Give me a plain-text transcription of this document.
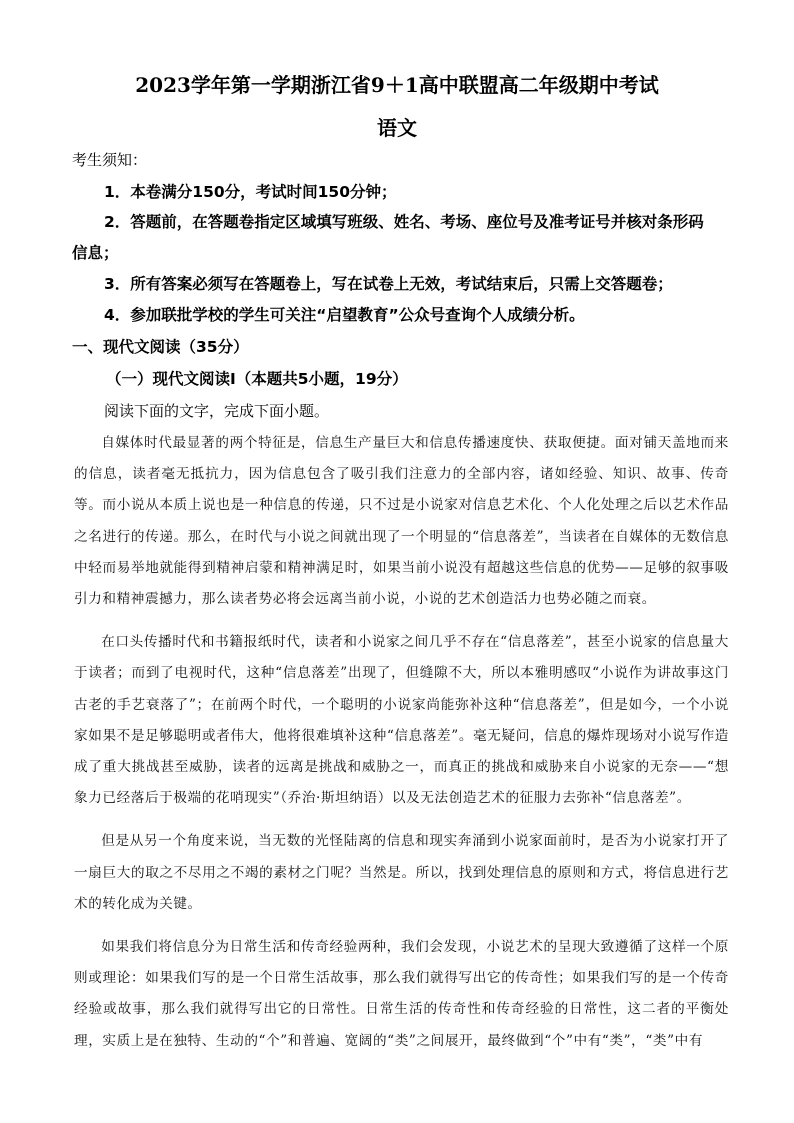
2023学年第一学期浙江省9＋1高中联盟高二年级期中考试
语文
考生须知：
1．本卷满分150分，考试时间150分钟；
2．答题前，在答题卷指定区域填写班级、姓名、考场、座位号及准考证号并核对条形码
信息；
3．所有答案必须写在答题卷上，写在试卷上无效，考试结束后，只需上交答题卷；
4．参加联批学校的学生可关注“启望教育”公众号查询个人成绩分析。
一、现代文阅读（35分）
（一）现代文阅读Ⅰ（本题共5小题，19分）
阅读下面的文字，完成下面小题。

自媒体时代最显著的两个特征是，信息生产量巨大和信息传播速度快、获取便捷。面对铺天盖地而来的信息，读者毫无抵抗力，因为信息包含了吸引我们注意力的全部内容，诸如经验、知识、故事、传奇等。而小说从本质上说也是一种信息的传递，只不过是小说家对信息艺术化、个人化处理之后以艺术作品之名进行的传递。那么，在时代与小说之间就出现了一个明显的“信息落差”，当读者在自媒体的无数信息中轻而易举地就能得到精神启蒙和精神满足时，如果当前小说没有超越这些信息的优势——足够的叙事吸引力和精神震撼力，那么读者势必将会远离当前小说，小说的艺术创造活力也势必随之而衰。

在口头传播时代和书籍报纸时代，读者和小说家之间几乎不存在“信息落差”，甚至小说家的信息量大于读者；而到了电视时代，这种“信息落差”出现了，但缝隙不大，所以本雅明感叹“小说作为讲故事这门古老的手艺衰落了”；在前两个时代，一个聪明的小说家尚能弥补这种“信息落差”，但是如今，一个小说家如果不是足够聪明或者伟大，他将很难填补这种“信息落差”。毫无疑问，信息的爆炸现场对小说写作造成了重大挑战甚至威胁，读者的远离是挑战和威胁之一，而真正的挑战和威胁来自小说家的无奈——“想象力已经落后于极端的花哨现实”（乔治·斯坦纳语）以及无法创造艺术的征服力去弥补“信息落差”。

但是从另一个角度来说，当无数的光怪陆离的信息和现实奔涌到小说家面前时，是否为小说家打开了一扇巨大的取之不尽用之不竭的素材之门呢？当然是。所以，找到处理信息的原则和方式，将信息进行艺术的转化成为关键。

如果我们将信息分为日常生活和传奇经验两种，我们会发现，小说艺术的呈现大致遵循了这样一个原则或理论：如果我们写的是一个日常生活故事，那么我们就得写出它的传奇性；如果我们写的是一个传奇经验或故事，那么我们就得写出它的日常性。日常生活的传奇性和传奇经验的日常性，这二者的平衡处理，实质上是在独特、生动的“个”和普遍、宽阔的“类”之间展开，最终做到“个”中有“类”，“类”中有
